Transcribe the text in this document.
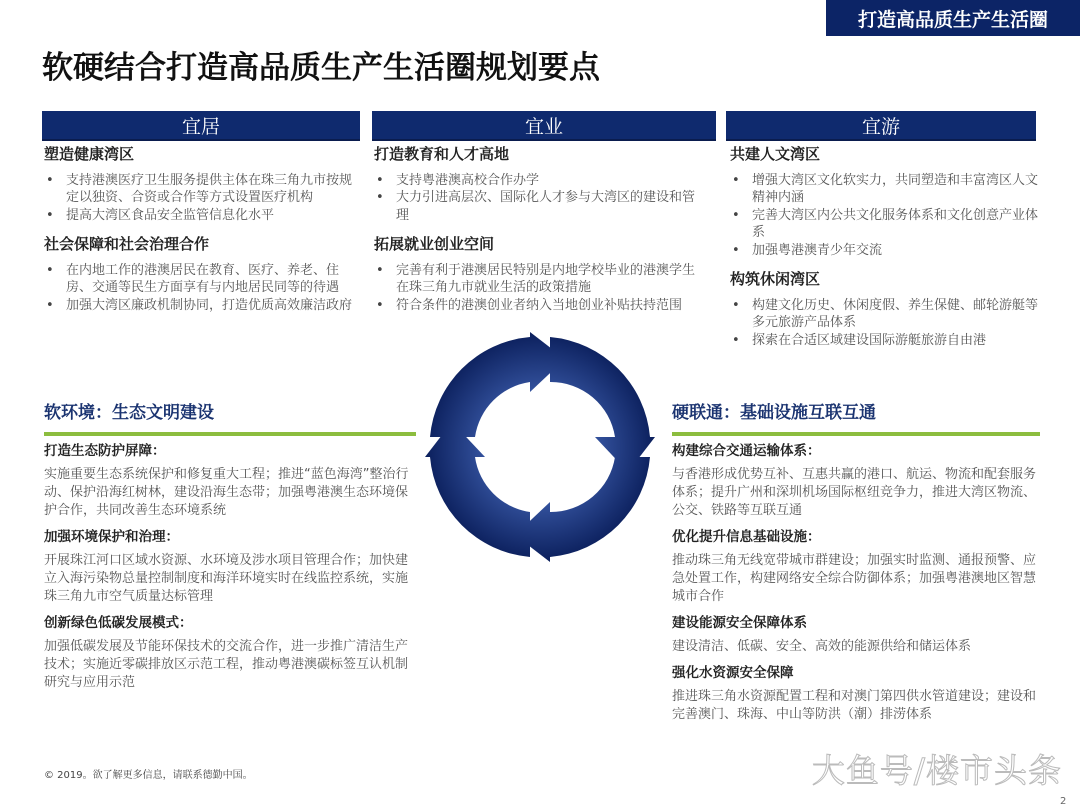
打造高品质生产生活圈
软硬结合打造高品质生产生活圈规划要点
宜居	宜业	宜游
塑造健康湾区
• 支持港澳医疗卫生服务提供主体在珠三角九市按规定以独资、合资或合作等方式设置医疗机构
• 提高大湾区食品安全监管信息化水平
社会保障和社会治理合作
• 在内地工作的港澳居民在教育、医疗、养老、住房、交通等民生方面享有与内地居民同等的待遇
• 加强大湾区廉政机制协同，打造优质高效廉洁政府
打造教育和人才高地
• 支持粤港澳高校合作办学
• 大力引进高层次、国际化人才参与大湾区的建设和管理
拓展就业创业空间
• 完善有利于港澳居民特别是内地学校毕业的港澳学生在珠三角九市就业生活的政策措施
• 符合条件的港澳创业者纳入当地创业补贴扶持范围
共建人文湾区
• 增强大湾区文化软实力，共同塑造和丰富湾区人文精神内涵
• 完善大湾区内公共文化服务体系和文化创意产业体系
• 加强粤港澳青少年交流
构筑休闲湾区
• 构建文化历史、休闲度假、养生保健、邮轮游艇等多元旅游产品体系
• 探索在合适区域建设国际游艇旅游自由港
软环境：生态文明建设
打造生态防护屏障：

实施重要生态系统保护和修复重大工程；推进“蓝色海湾”整治行动、保护沿海红树林，建设沿海生态带；加强粤港澳生态环境保护合作，共同改善生态环境系统

加强环境保护和治理：

开展珠江河口区域水资源、水环境及涉水项目管理合作；加快建立入海污染物总量控制制度和海洋环境实时在线监控系统，实施珠三角九市空气质量达标管理

创新绿色低碳发展模式：

加强低碳发展及节能环保技术的交流合作，进一步推广清洁生产技术；实施近零碳排放区示范工程，推动粤港澳碳标签互认机制研究与应用示范

硬联通：基础设施互联互通
构建综合交通运输体系：

与香港形成优势互补、互惠共赢的港口、航运、物流和配套服务体系；提升广州和深圳机场国际枢纽竞争力，推进大湾区物流、公交、铁路等互联互通

优化提升信息基础设施：

推动珠三角无线宽带城市群建设；加强实时监测、通报预警、应急处置工作，构建网络安全综合防御体系；加强粤港澳地区智慧城市合作

建设能源安全保障体系

建设清洁、低碳、安全、高效的能源供给和储运体系

强化水资源安全保障

推进珠三角水资源配置工程和对澳门第四供水管道建设；建设和完善澳门、珠海、中山等防洪（潮）排涝体系

© 2019。欲了解更多信息，请联系德勤中国。	大鱼号/楼市头条
2
